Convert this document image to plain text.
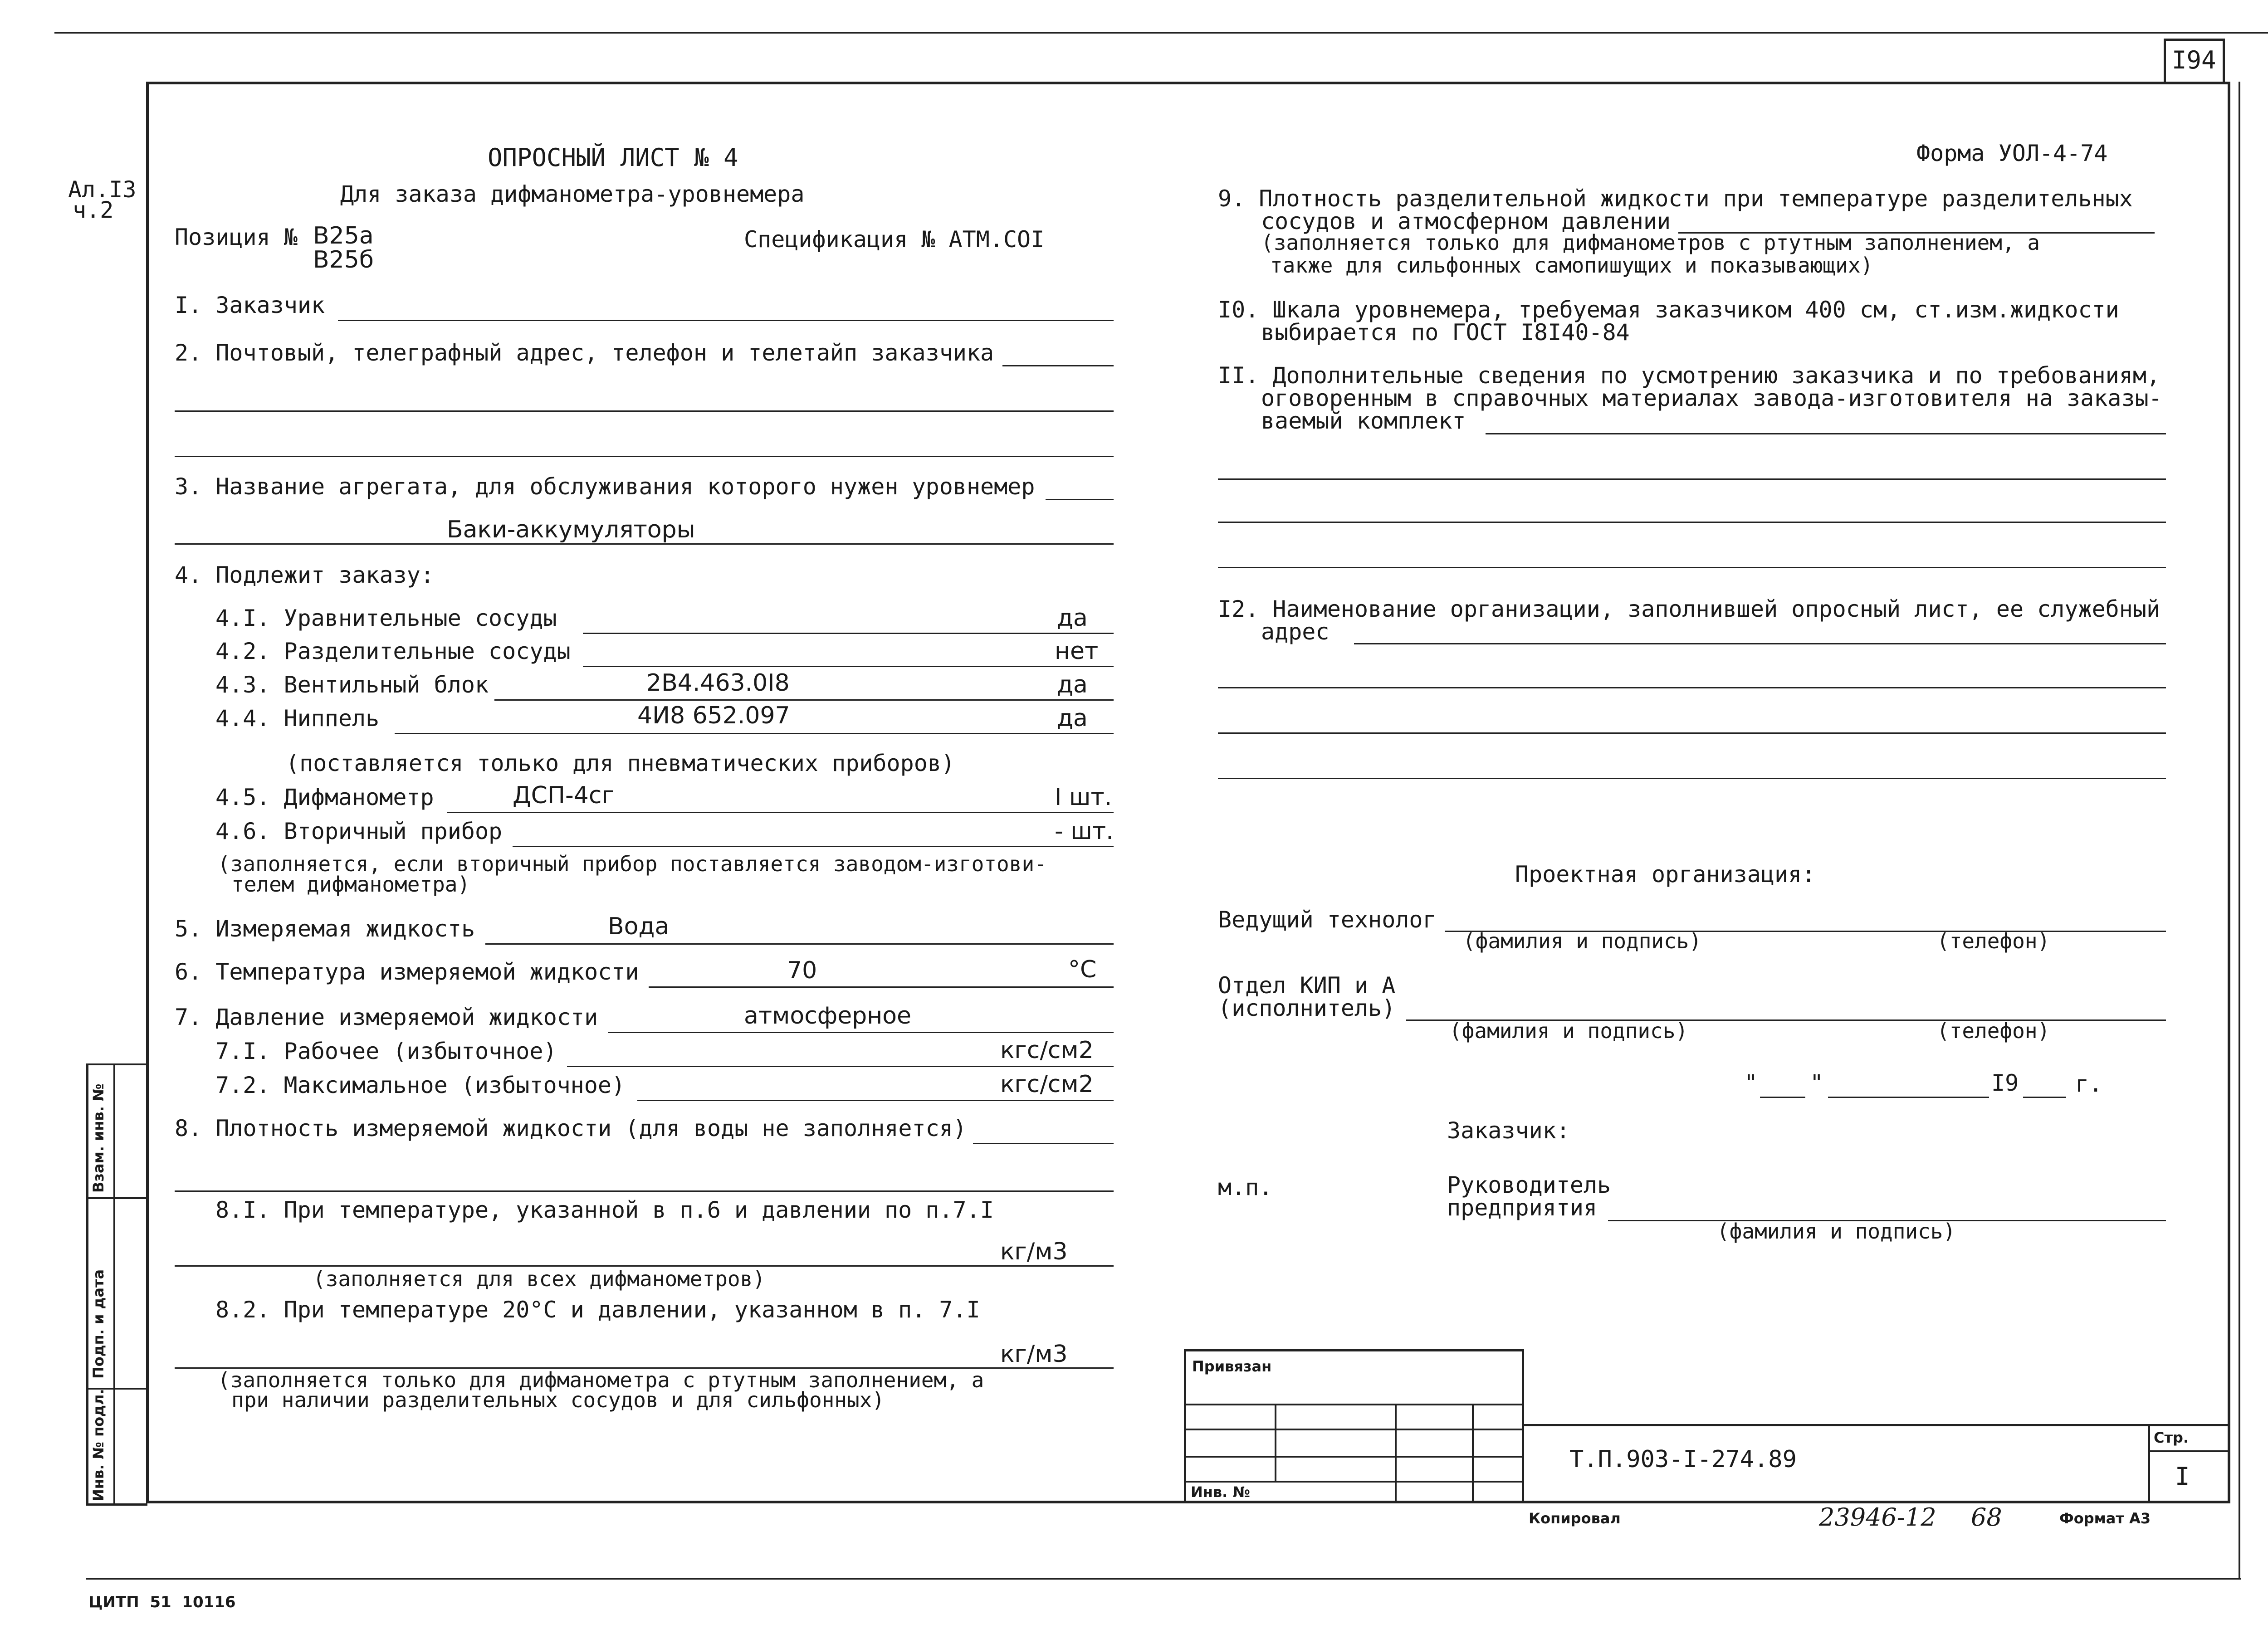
I94
Ал.I3
ч.2
ЦИТП  51  10116
Взам. инв. №
Подп. и дата
Инв. № подл.
ОПРОСНЫЙ ЛИСТ № 4
Для заказа дифманометра-уровнемера
Форма УОЛ-4-74
Позиция № В25а
В25б
Спецификация № АТМ.СОI
I. Заказчик
2. Почтовый, телеграфный адрес, телефон и телетайп заказчика
3. Название агрегата, для обслуживания которого нужен уровнемер
Баки-аккумуляторы
4. Подлежит заказу:
4.I. Уравнительные сосуды	да
4.2. Разделительные сосуды	нет
4.3. Вентильный блок	2В4.463.0I8	да
4.4. Ниппель	4И8 652.097	да
(поставляется только для пневматических приборов)
4.5. Дифманометр	ДСП-4сг	I шт.
4.6. Вторичный прибор	- шт.
(заполняется, если вторичный прибор поставляется заводом-изготови-
телем дифманометра)
5. Измеряемая жидкость	Вода
6. Температура измеряемой жидкости	70	°С
7. Давление измеряемой жидкости	атмосферное
7.I. Рабочее (избыточное)	кгс/см2
7.2. Максимальное (избыточное)	кгс/см2
8. Плотность измеряемой жидкости (для воды не заполняется)
8.I. При температуре, указанной в п.6 и давлении по п.7.I
кг/м3
(заполняется для всех дифманометров)
8.2. При температуре 20°С и давлении, указанном в п. 7.I
кг/м3
(заполняется только для дифманометра с ртутным заполнением, а
при наличии разделительных сосудов и для сильфонных)
9. Плотность разделительной жидкости при температуре разделительных
сосудов и атмосферном давлении
(заполняется только для дифманометров с ртутным заполнением, а
также для сильфонных самопишущих и показывающих)
I0. Шкала уровнемера, требуемая заказчиком 400 см, ст.изм.жидкости
выбирается по ГОСТ I8I40-84
II. Дополнительные сведения по усмотрению заказчика и по требованиям,
оговоренным в справочных материалах завода-изготовителя на заказы-
ваемый комплект
I2. Наименование организации, заполнившей опросный лист, ее служебный
адрес
Проектная организация:
Ведущий технолог
(фамилия и подпись)	(телефон)
Отдел КИП и А
(исполнитель)
(фамилия и подпись)	(телефон)
" "	I9 г.
Заказчик:
м.п.	Руководитель
предприятия
(фамилия и подпись)
Привязан
Инв. №
Т.П.903-I-274.89
Стр.
I
Копировал	23946-12 68	Формат А3
